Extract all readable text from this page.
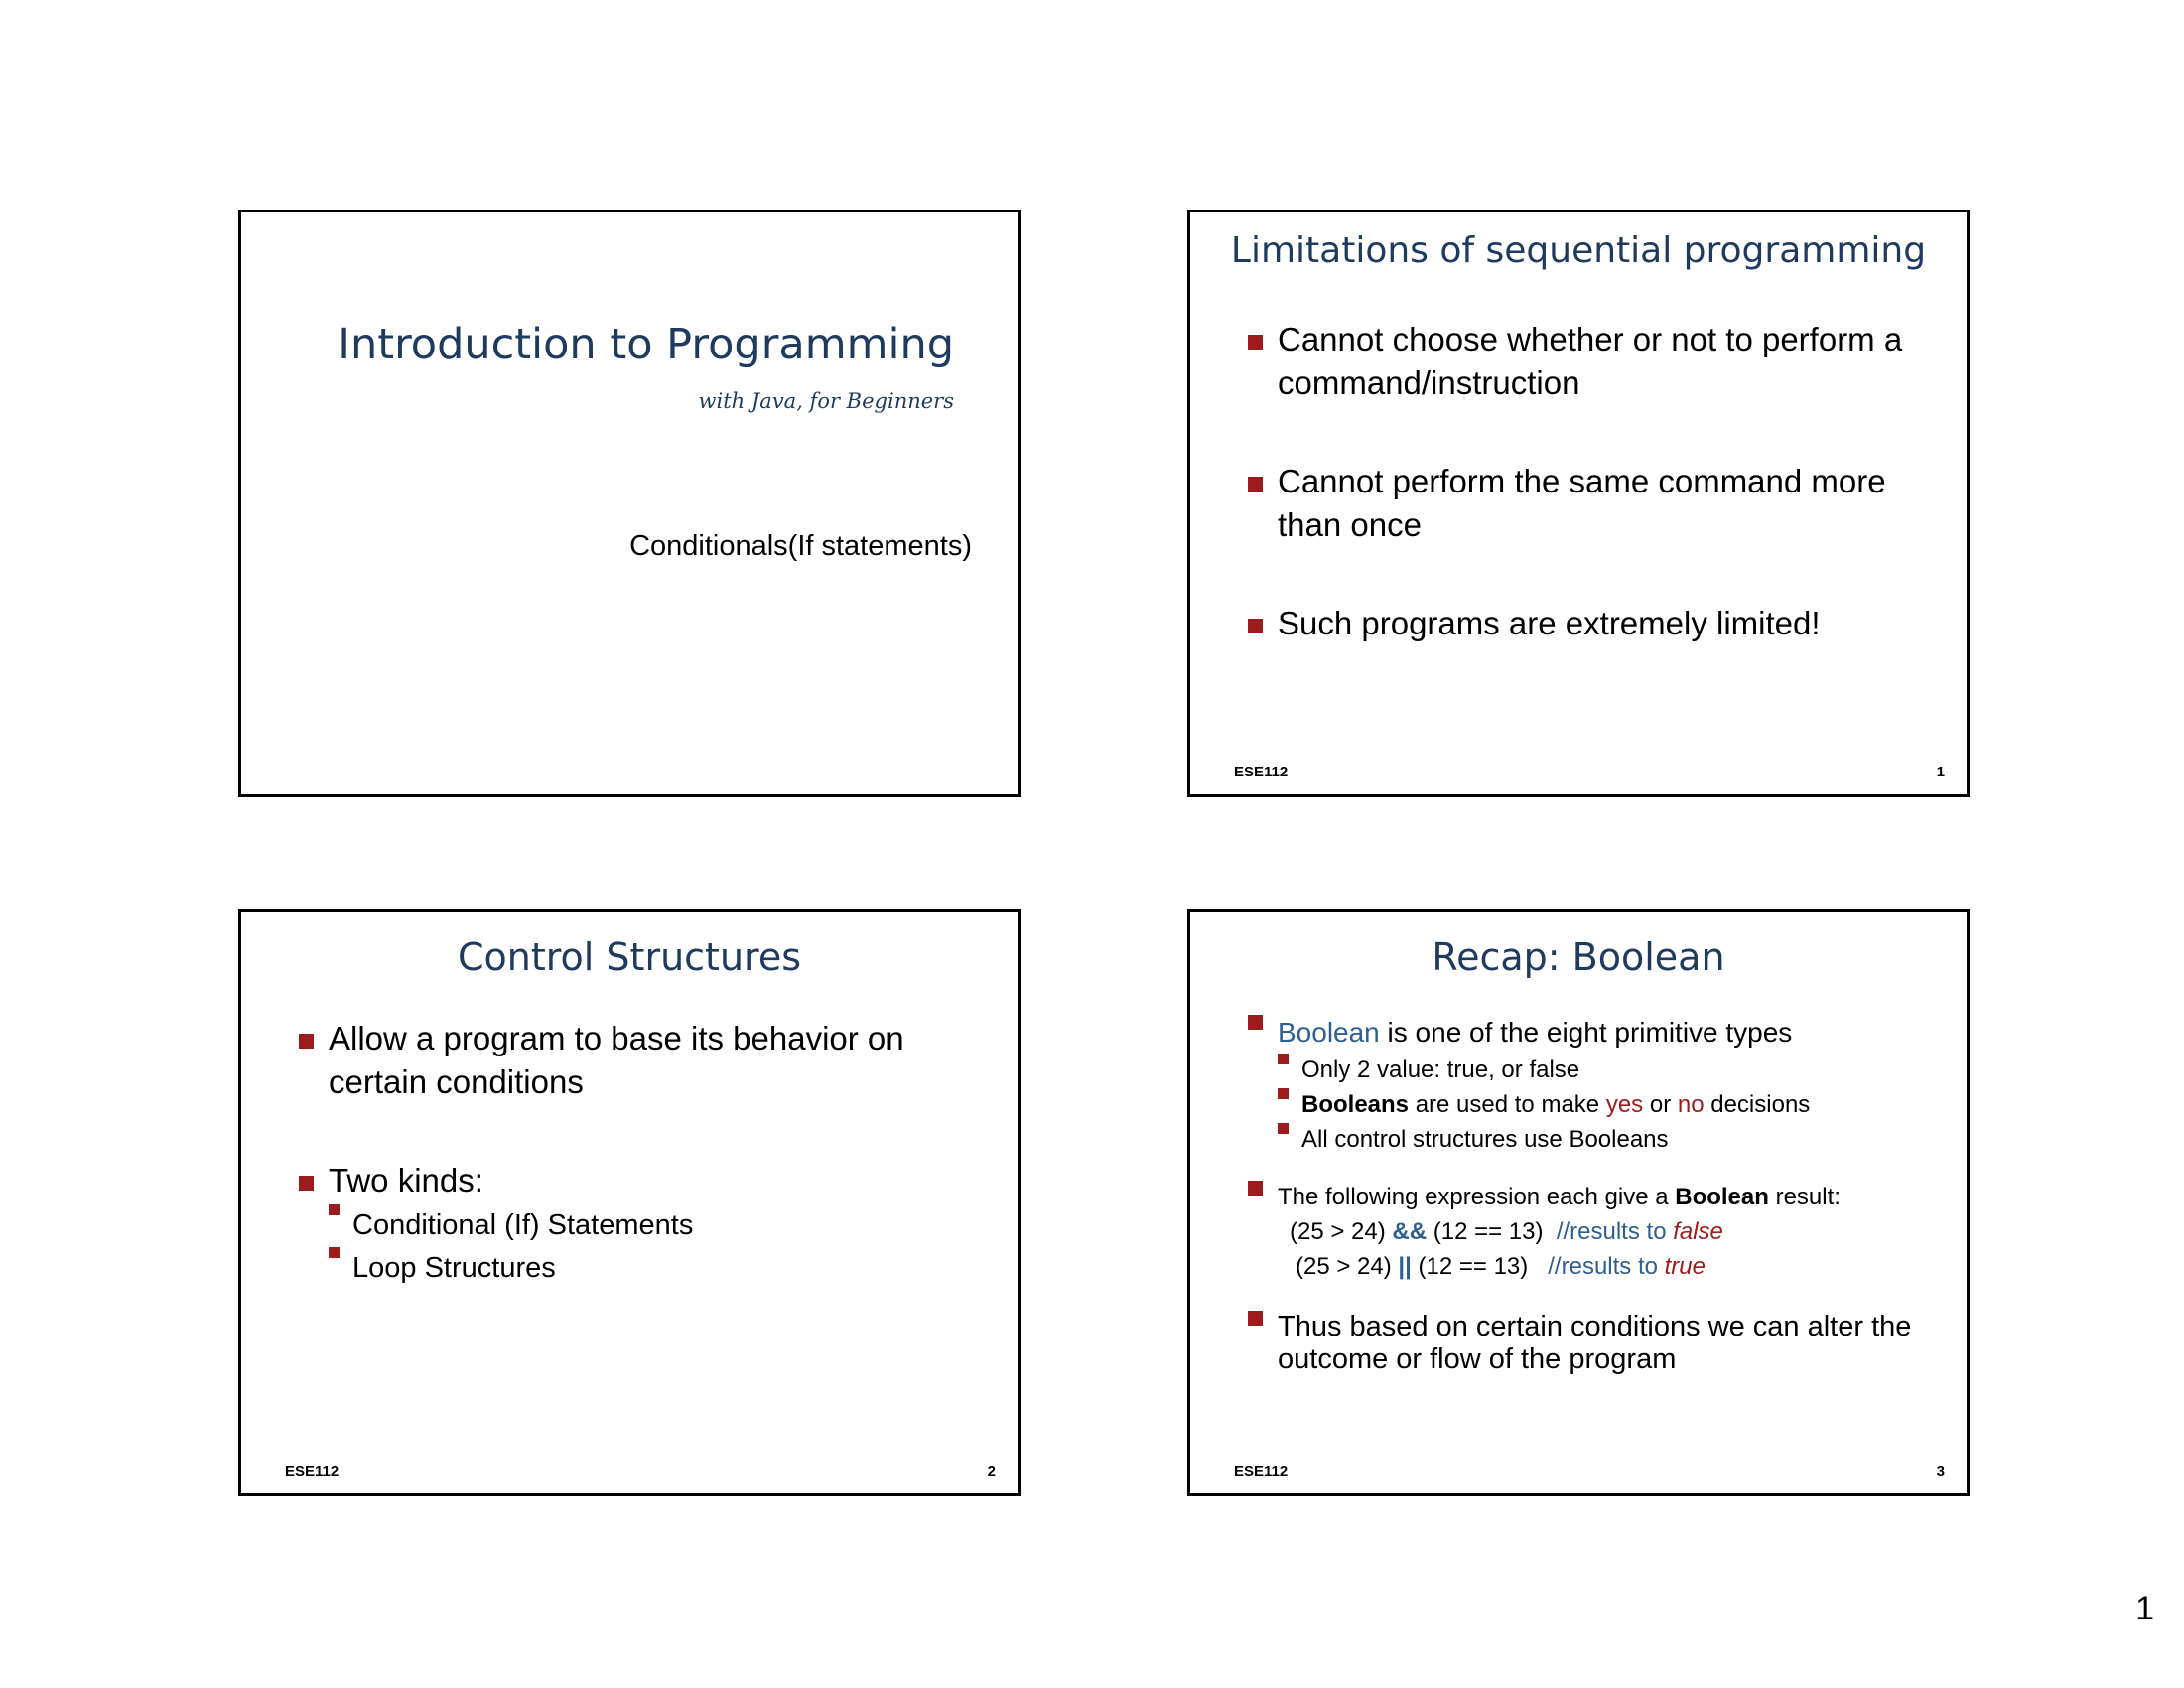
Introduction to Programming
with Java, for Beginners
Conditionals(If statements)
Limitations of sequential programming
Cannot choose whether or not to perform a command/instruction
Cannot perform the same command more than once
Such programs are extremely limited!
ESE112	1
Control Structures
Allow a program to base its behavior on certain conditions
Two kinds:
Conditional (If) Statements
Loop Structures
ESE112	2
Recap: Boolean
Boolean is one of the eight primitive types
Only 2 value: true, or false
Booleans are used to make yes or no decisions
All control structures use Booleans
The following expression each give a Boolean result:
(25 > 24) && (12 == 13)  //results to false
(25 > 24) || (12 == 13)   //results to true
Thus based on certain conditions we can alter the outcome or flow of the program
ESE112	3
1
